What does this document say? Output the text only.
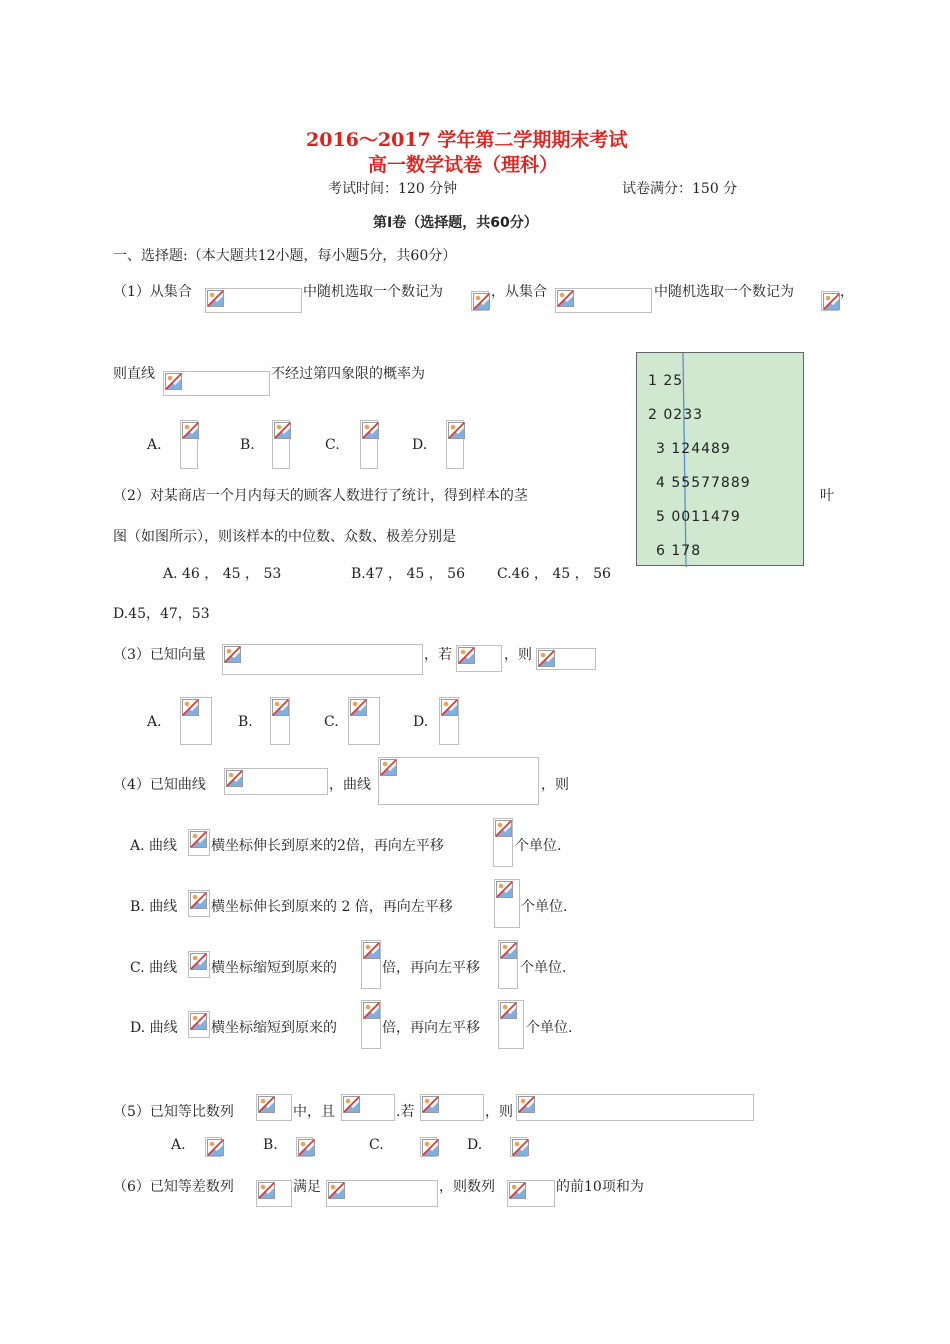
2016～2017 学年第二学期期末考试
高一数学试卷（理科）
考试时间：120 分钟	试卷满分：150 分
第Ⅰ卷（选择题，共60分）
一、选择题:（本大题共12小题，每小题5分，共60分）
（1）从集合	中随机选取一个数记为	，从集合	中随机选取一个数记为	，
则直线	不经过第四象限的概率为
A.	B.	C.	D.
1 25
2 0233
3 124489
4 55577889
5 0011479
6 178
（2）对某商店一个月内每天的顾客人数进行了统计，得到样本的茎	叶
图（如图所示），则该样本的中位数、众数、极差分别是
A. 46 ， 45 ， 53	B.47 ， 45 ， 56 C.46 ， 45 ， 56
D.45，47，53
（3）已知向量	，若	，则
A.	B.	C.	D.
（4）已知曲线	，曲线	，则
A. 曲线 横坐标伸长到原来的2倍，再向左平移	个单位.
B. 曲线 横坐标伸长到原来的 2 倍，再向左平移	个单位.
C. 曲线 横坐标缩短到原来的	倍，再向左平移	个单位.
D. 曲线 横坐标缩短到原来的	倍，再向左平移	个单位.
（5）已知等比数列	中，且	.若	，则
A.	B.	C.	D.
（6）已知等差数列	满足	，则数列	的前10项和为
